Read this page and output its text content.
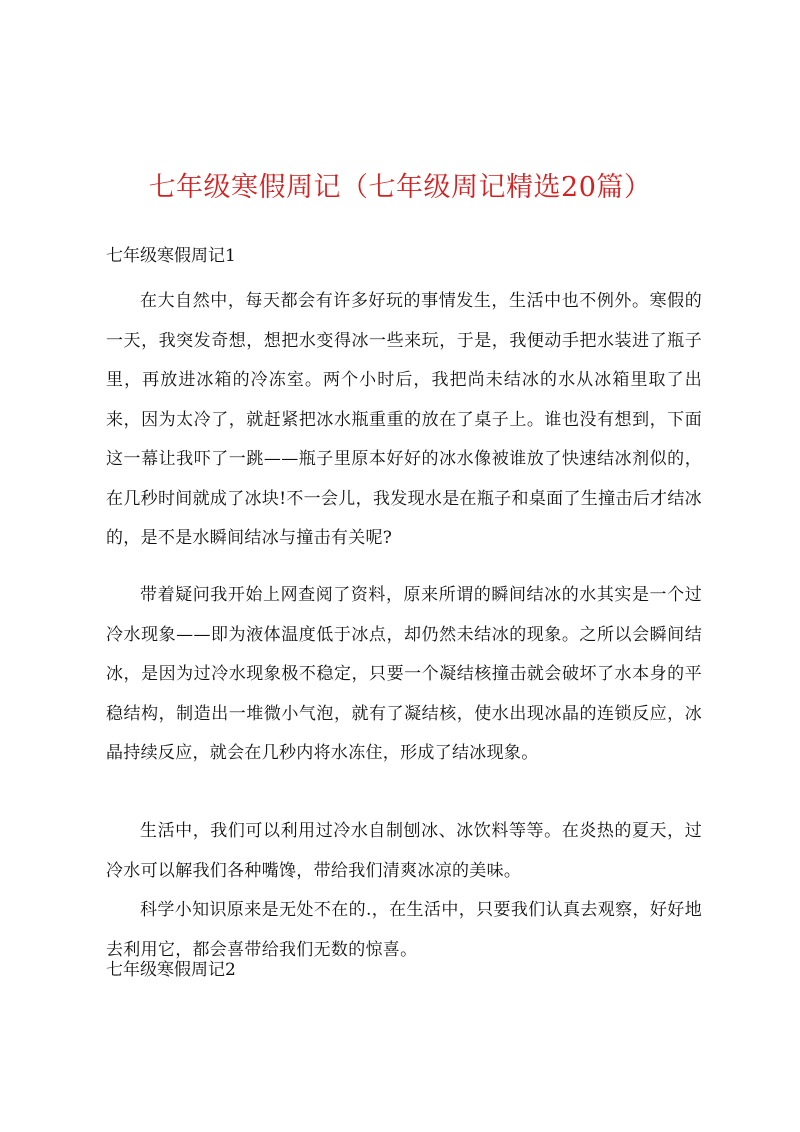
七年级寒假周记（七年级周记精选20篇）
七年级寒假周记1

在大自然中，每天都会有许多好玩的事情发生，生活中也不例外。寒假的一天，我突发奇想，想把水变得冰一些来玩，于是，我便动手把水装进了瓶子里，再放进冰箱的冷冻室。两个小时后，我把尚未结冰的水从冰箱里取了出来，因为太冷了，就赶紧把冰水瓶重重的放在了桌子上。谁也没有想到，下面这一幕让我吓了一跳——瓶子里原本好好的冰水像被谁放了快速结冰剂似的，在几秒时间就成了冰块!不一会儿，我发现水是在瓶子和桌面了生撞击后才结冰的，是不是水瞬间结冰与撞击有关呢?

带着疑问我开始上网查阅了资料，原来所谓的瞬间结冰的水其实是一个过冷水现象——即为液体温度低于冰点，却仍然未结冰的现象。之所以会瞬间结冰，是因为过冷水现象极不稳定，只要一个凝结核撞击就会破坏了水本身的平稳结构，制造出一堆微小气泡，就有了凝结核，使水出现冰晶的连锁反应，冰晶持续反应，就会在几秒内将水冻住，形成了结冰现象。

生活中，我们可以利用过冷水自制刨冰、冰饮料等等。在炎热的夏天，过冷水可以解我们各种嘴馋，带给我们清爽冰凉的美味。

科学小知识原来是无处不在的.，在生活中，只要我们认真去观察，好好地去利用它，都会喜带给我们无数的惊喜。

七年级寒假周记2
